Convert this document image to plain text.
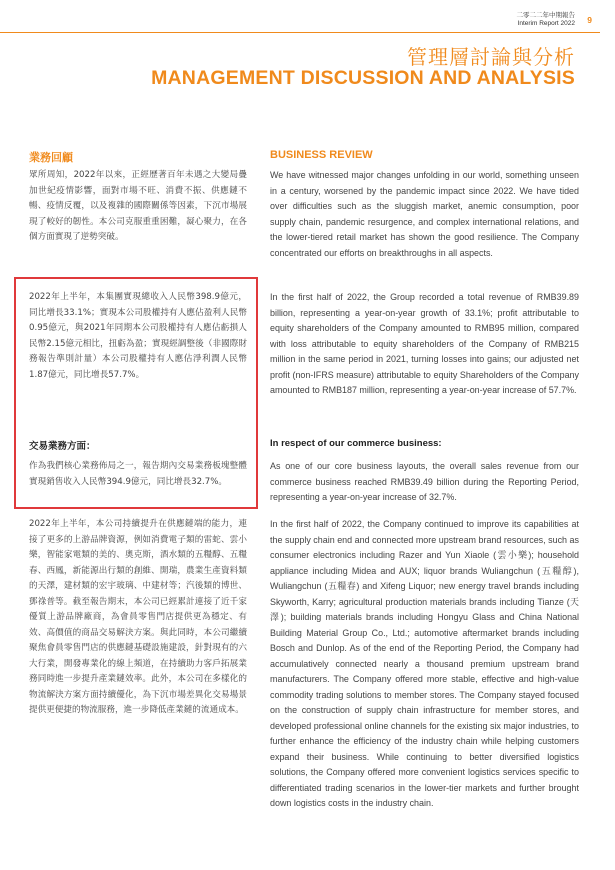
二零二二年中期報告
Interim Report 2022 9
管理層討論與分析
MANAGEMENT DISCUSSION AND ANALYSIS
業務回顧

眾所周知，2022年以來，正經歷著百年未遇之大變局疊加世紀疫情影響，面對市場不旺、消費不振、供應鏈不暢、疫情反覆，以及複雜的國際關係等因素，下沉市場展現了較好的韌性。本公司克服重重困難，凝心聚力，在各個方面實現了逆勢突破。

2022年上半年，本集團實現總收入人民幣398.9億元，同比增長33.1%；實現本公司股權持有人應佔盈利人民幣0.95億元，與2021年同期本公司股權持有人應佔虧損人民幣2.15億元相比，扭虧為盈；實現經調整後（非國際財務報告準則計量）本公司股權持有人應佔淨利潤人民幣1.87億元，同比增長57.7%。

交易業務方面：

作為我們核心業務佈局之一，報告期內交易業務板塊整體實現銷售收入人民幣394.9億元，同比增長32.7%。

2022年上半年，本公司持續提升在供應鏈端的能力，連接了更多的上游品牌資源，例如消費電子類的雷蛇、雲小樂，智能家電類的美的、奧克斯，酒水類的五糧醇、五糧春、西鳳，新能源出行類的創維、開瑞，農業生產資料類的天澤，建材類的宏宇玻璃、中建材等；汽後類的博世、鄧祿普等。截至報告期末，本公司已經累計連接了近千家優質上游品牌廠商，為會員零售門店提供更為穩定、有效、高價值的商品交易解決方案。與此同時，本公司繼續聚焦會員零售門店的供應鏈基礎設施建設，針對現有的六大行業，開發專業化的線上頻道，在持續助力客戶拓展業務同時進一步提升產業鏈效率。此外，本公司在多樣化的物流解決方案方面持續優化，為下沉市場差異化交易場景提供更便捷的物流服務，進一步降低產業鏈的流通成本。

BUSINESS REVIEW

We have witnessed major changes unfolding in our world, something unseen in a century, worsened by the pandemic impact since 2022. We have tided over difficulties such as the sluggish market, anemic consumption, poor supply chain, pandemic resurgence, and complex international relations, and the lower-tiered retail market has shown the good resilience. The Company concentrated our efforts on breakthroughs in all aspects.

In the first half of 2022, the Group recorded a total revenue of RMB39.89 billion, representing a year-on-year growth of 33.1%; profit attributable to equity shareholders of the Company amounted to RMB95 million, compared with loss attributable to equity shareholders of the Company of RMB215 million in the same period in 2021, turning losses into gains; our adjusted net profit (non-IFRS measure) attributable to equity Shareholders of the Company amounted to RMB187 million, representing a year-on-year increase of 57.7%.

In respect of our commerce business:

As one of our core business layouts, the overall sales revenue from our commerce business reached RMB39.49 billion during the Reporting Period, representing a year-on-year increase of 32.7%.

In the first half of 2022, the Company continued to improve its capabilities at the supply chain end and connected more upstream brand resources, such as consumer electronics including Razer and Yun Xiaole (雲小樂); household appliance including Midea and AUX; liquor brands Wuliangchun (五糧醇), Wuliangchun (五糧春) and Xifeng Liquor; new energy travel brands including Skyworth, Karry; agricultural production materials brands including Tianze (天澤); building materials brands including Hongyu Glass and China National Building Material Group Co., Ltd.; automotive aftermarket brands including Bosch and Dunlop. As of the end of the Reporting Period, the Company had accumulatively connected nearly a thousand premium upstream brand manufacturers. The Company offered more stable, effective and high-value commodity trading solutions to member stores. The Company stayed focused on the construction of supply chain infrastructure for member stores, and developed professional online channels for the existing six major industries, to further enhance the efficiency of the industry chain while helping customers expand their business. While continuing to better diversified logistics solutions, the Company offered more convenient logistics services specific to differentiated trading scenarios in the lower-tier markets and further brought down logistics costs in the industry chain.
